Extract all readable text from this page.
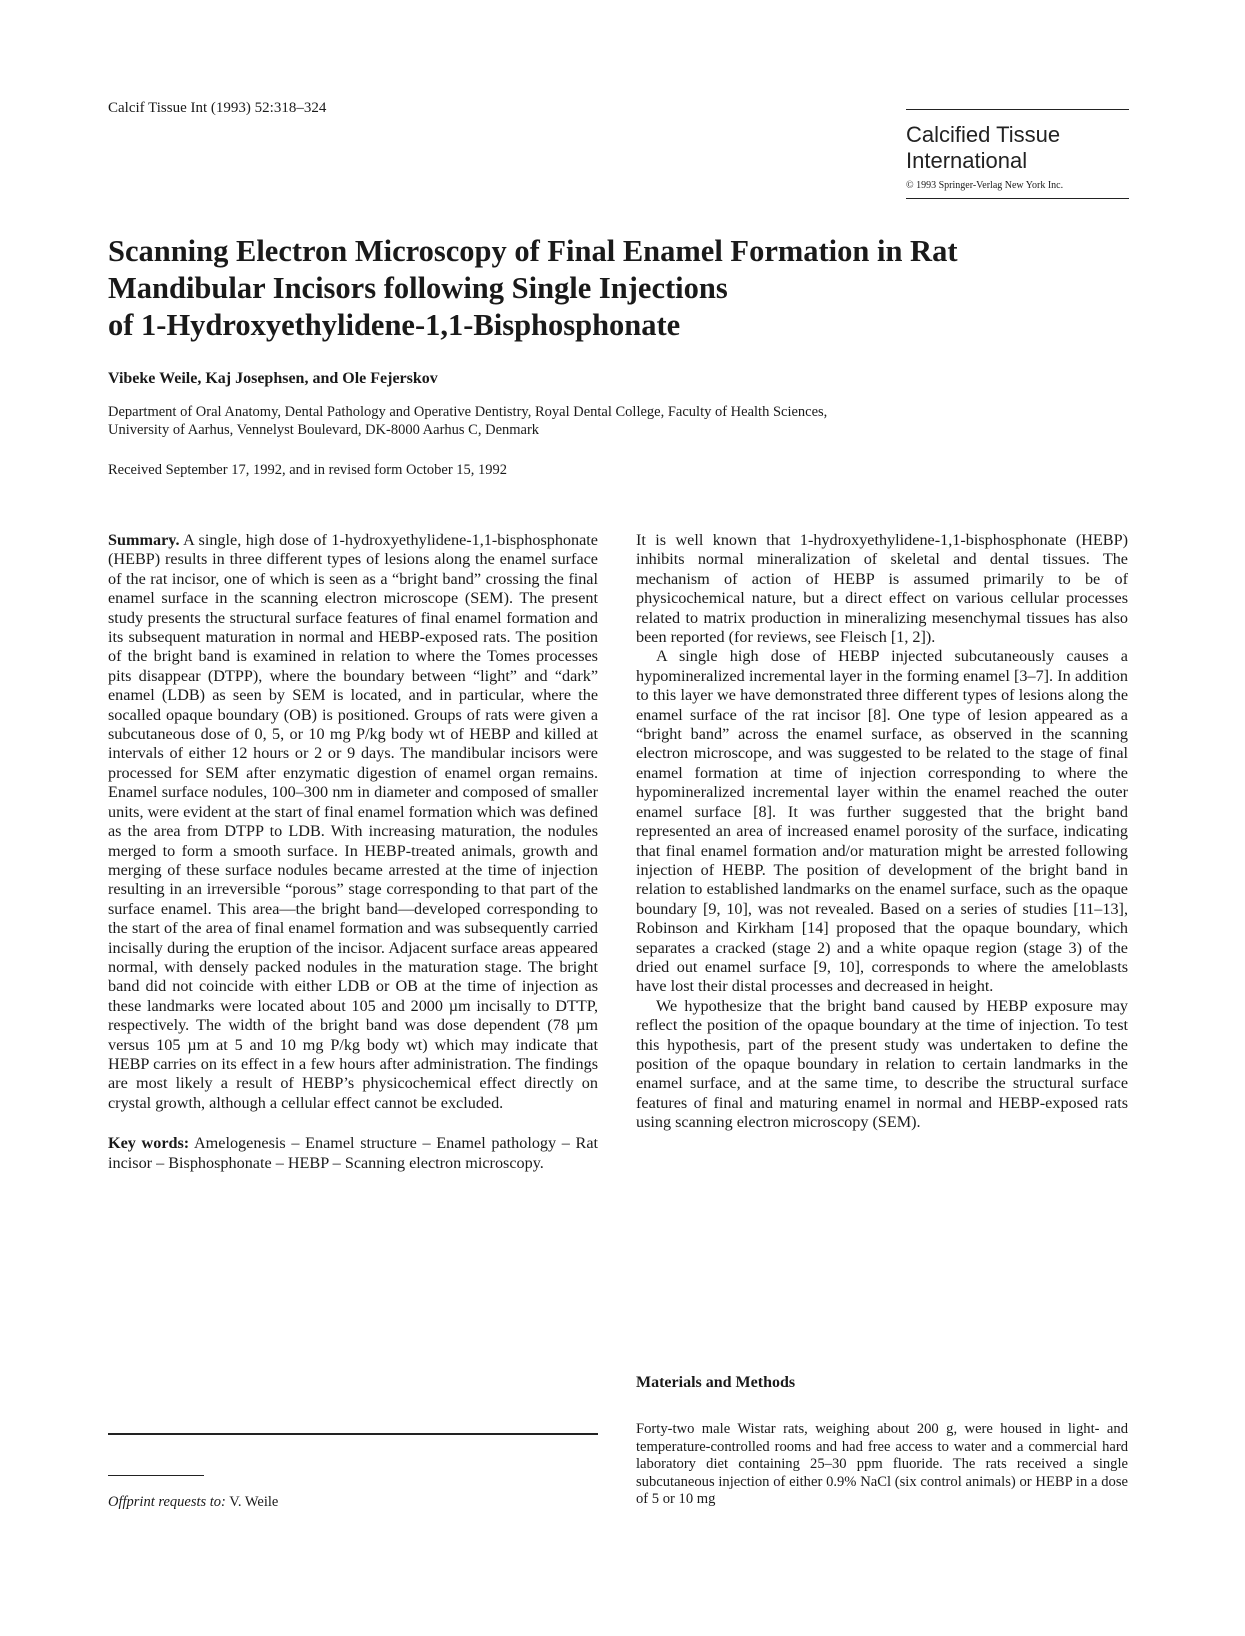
Calcif Tissue Int (1993) 52:318–324
Calcified Tissue
International
© 1993 Springer-Verlag New York Inc.
Scanning Electron Microscopy of Final Enamel Formation in Rat
Mandibular Incisors following Single Injections
of 1-Hydroxyethylidene-1,1-Bisphosphonate
Vibeke Weile, Kaj Josephsen, and Ole Fejerskov
Department of Oral Anatomy, Dental Pathology and Operative Dentistry, Royal Dental College, Faculty of Health Sciences,
University of Aarhus, Vennelyst Boulevard, DK-8000 Aarhus C, Denmark
Received September 17, 1992, and in revised form October 15, 1992

Summary. A single, high dose of 1-hydroxyethylidene-1,1-bisphosphonate (HEBP) results in three different types of lesions along the enamel surface of the rat incisor, one of which is seen as a “bright band” crossing the final enamel surface in the scanning electron microscope (SEM). The present study presents the structural surface features of final enamel formation and its subsequent maturation in normal and HEBP-exposed rats. The position of the bright band is examined in relation to where the Tomes processes pits disappear (DTPP), where the boundary between “light” and “dark” enamel (LDB) as seen by SEM is located, and in particular, where the socalled opaque boundary (OB) is positioned. Groups of rats were given a subcutaneous dose of 0, 5, or 10 mg P/kg body wt of HEBP and killed at intervals of either 12 hours or 2 or 9 days. The mandibular incisors were processed for SEM after enzymatic digestion of enamel organ remains. Enamel surface nodules, 100–300 nm in diameter and composed of smaller units, were evident at the start of final enamel formation which was defined as the area from DTPP to LDB. With increasing maturation, the nodules merged to form a smooth surface. In HEBP-treated animals, growth and merging of these surface nodules became arrested at the time of injection resulting in an irreversible “porous” stage corresponding to that part of the surface enamel. This area—the bright band—developed corresponding to the start of the area of final enamel formation and was subsequently carried incisally during the eruption of the incisor. Adjacent surface areas appeared normal, with densely packed nodules in the maturation stage. The bright band did not coincide with either LDB or OB at the time of injection as these landmarks were located about 105 and 2000 µm incisally to DTTP, respectively. The width of the bright band was dose dependent (78 µm versus 105 µm at 5 and 10 mg P/kg body wt) which may indicate that HEBP carries on its effect in a few hours after administration. The findings are most likely a result of HEBP’s physicochemical effect directly on crystal growth, although a cellular effect cannot be excluded.

Key words: Amelogenesis – Enamel structure – Enamel pathology – Rat incisor – Bisphosphonate – HEBP – Scanning electron microscopy.

Offprint requests to: V. Weile

It is well known that 1-hydroxyethylidene-1,1-bisphosphonate (HEBP) inhibits normal mineralization of skeletal and dental tissues. The mechanism of action of HEBP is assumed primarily to be of physicochemical nature, but a direct effect on various cellular processes related to matrix production in mineralizing mesenchymal tissues has also been reported (for reviews, see Fleisch [1, 2]).

A single high dose of HEBP injected subcutaneously causes a hypomineralized incremental layer in the forming enamel [3–7]. In addition to this layer we have demonstrated three different types of lesions along the enamel surface of the rat incisor [8]. One type of lesion appeared as a “bright band” across the enamel surface, as observed in the scanning electron microscope, and was suggested to be related to the stage of final enamel formation at time of injection corresponding to where the hypomineralized incremental layer within the enamel reached the outer enamel surface [8]. It was further suggested that the bright band represented an area of increased enamel porosity of the surface, indicating that final enamel formation and/or maturation might be arrested following injection of HEBP. The position of development of the bright band in relation to established landmarks on the enamel surface, such as the opaque boundary [9, 10], was not revealed. Based on a series of studies [11–13], Robinson and Kirkham [14] proposed that the opaque boundary, which separates a cracked (stage 2) and a white opaque region (stage 3) of the dried out enamel surface [9, 10], corresponds to where the ameloblasts have lost their distal processes and decreased in height.

We hypothesize that the bright band caused by HEBP exposure may reflect the position of the opaque boundary at the time of injection. To test this hypothesis, part of the present study was undertaken to define the position of the opaque boundary in relation to certain landmarks in the enamel surface, and at the same time, to describe the structural surface features of final and maturing enamel in normal and HEBP-exposed rats using scanning electron microscopy (SEM).

Materials and Methods

Forty-two male Wistar rats, weighing about 200 g, were housed in light- and temperature-controlled rooms and had free access to water and a commercial hard laboratory diet containing 25–30 ppm fluoride. The rats received a single subcutaneous injection of either 0.9% NaCl (six control animals) or HEBP in a dose of 5 or 10 mg
